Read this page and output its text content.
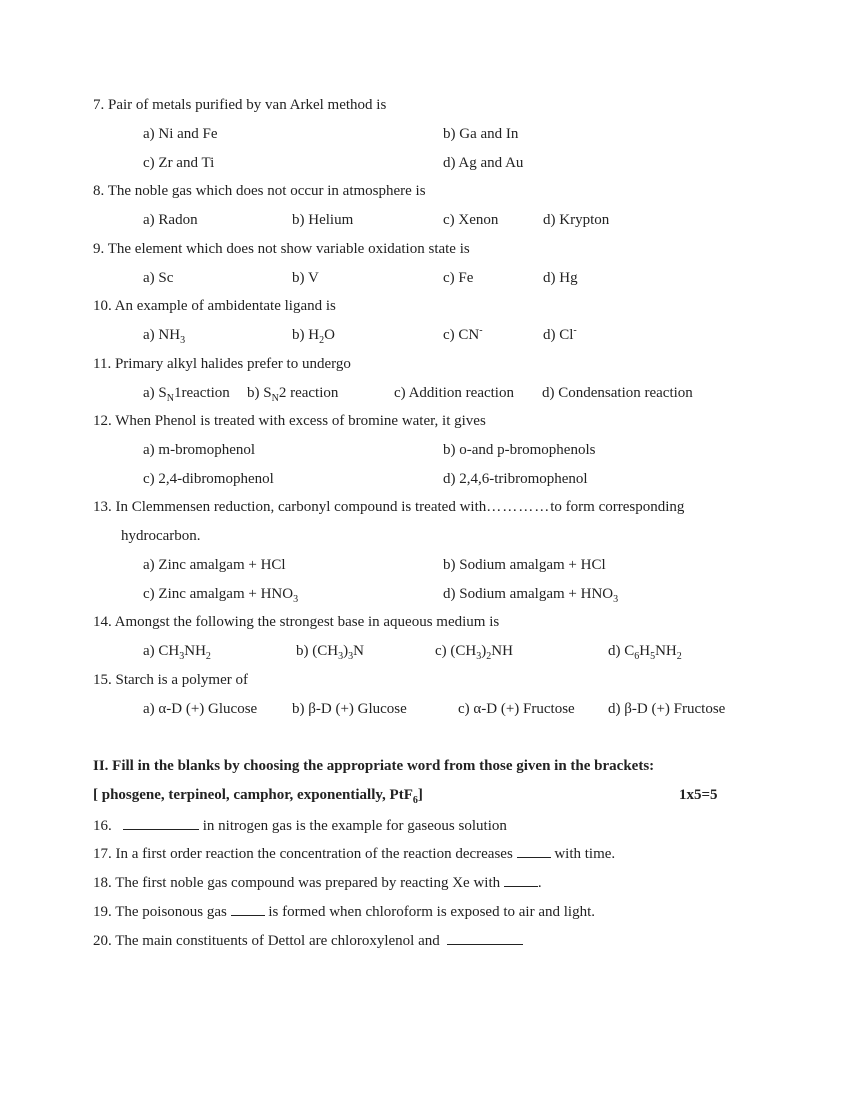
7. Pair of metals purified by van Arkel method is
a) Ni and Fe	b) Ga and In
c) Zr and Ti	d) Ag and Au
8. The noble gas which does not occur in atmosphere is
a) Radon	b) Helium	c) Xenon	d) Krypton
9. The element which does not show variable oxidation state is
a) Sc	b) V	c) Fe	d) Hg
10. An example of ambidentate ligand is
a) $NH_3$	b) $H_2O$	c) CN-	d) Cl-
11. Primary alkyl halides prefer to undergo
a) $S_N1reaction$ b) $S_N2$ reaction	c) Addition reaction d) Condensation reaction
12. When Phenol is treated with excess of bromine water, it gives
a) m-bromophenol	b) o-and p-bromophenols
c) 2,4-dibromophenol	d) 2,4,6-tribromophenol
13. In Clemmensen reduction, carbonyl compound is treated with…………to form corresponding
hydrocarbon.
a) Zinc amalgam + HCl	b) Sodium amalgam + HCl
c) Zinc amalgam + $HNO_3$	d) Sodium amalgam + $HNO_3$
14. Amongst the following the strongest base in aqueous medium is
a) $CH_3NH_2$	b) $(CH_3)_3N$	c) $(CH_3)_2NH$	d) $C_6H_5NH_2$
15. Starch is a polymer of
a) α-D (+) Glucose b) β-D (+) Glucose	c) α-D (+) Fructose d) β-D (+) Fructose
II. Fill in the blanks by choosing the appropriate word from those given in the brackets:
[ phosgene, terpineol, camphor, exponentially, PtF$_6$]	1x5=5
16.	in nitrogen gas is the example for gaseous solution
17. In a first order reaction the concentration of the reaction decreases	with time.
18. The first noble gas compound was prepared by reacting Xe with	.
19. The poisonous gas	is formed when chloroform is exposed to air and light.
20. The main constituents of Dettol are chloroxylenol and
